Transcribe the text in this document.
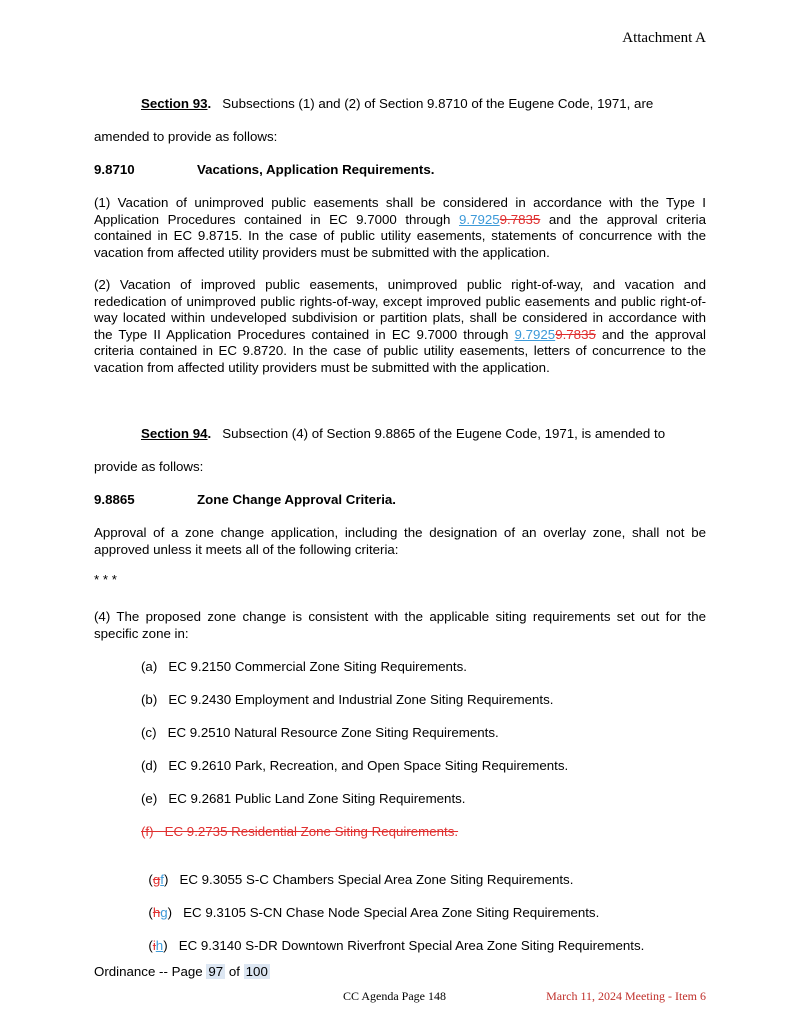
Attachment A
Section 93.   Subsections (1) and (2) of Section 9.8710 of the Eugene Code, 1971, are
amended to provide as follows:
9.8710	Vacations, Application Requirements.
(1) Vacation of unimproved public easements shall be considered in accordance with the Type I Application Procedures contained in EC 9.7000 through 9.79259.7835 and the approval criteria contained in EC 9.8715. In the case of public utility easements, statements of concurrence with the vacation from affected utility providers must be submitted with the application.
(2) Vacation of improved public easements, unimproved public right-of-way, and vacation and rededication of unimproved public rights-of-way, except improved public easements and public right-of-way located within undeveloped subdivision or partition plats, shall be considered in accordance with the Type II Application Procedures contained in EC 9.7000 through 9.79259.7835 and the approval criteria contained in EC 9.8720. In the case of public utility easements, letters of concurrence to the vacation from affected utility providers must be submitted with the application.
Section 94.   Subsection (4) of Section 9.8865 of the Eugene Code, 1971, is amended to
provide as follows:
9.8865	Zone Change Approval Criteria.
Approval of a zone change application, including the designation of an overlay zone, shall not be approved unless it meets all of the following criteria:
* * *
(4) The proposed zone change is consistent with the applicable siting requirements set out for the specific zone in:
(a)   EC 9.2150 Commercial Zone Siting Requirements.
(b)   EC 9.2430 Employment and Industrial Zone Siting Requirements.
(c)   EC 9.2510 Natural Resource Zone Siting Requirements.
(d)   EC 9.2610 Park, Recreation, and Open Space Siting Requirements.
(e)   EC 9.2681 Public Land Zone Siting Requirements.
(f)   EC 9.2735 Residential Zone Siting Requirements.

(gf)   EC 9.3055 S-C Chambers Special Area Zone Siting Requirements.

(hg)   EC 9.3105 S-CN Chase Node Special Area Zone Siting Requirements.

(ih)   EC 9.3140 S-DR Downtown Riverfront Special Area Zone Siting Requirements.

Ordinance -- Page 97 of 100
CC Agenda Page 148	March 11, 2024 Meeting - Item 6
